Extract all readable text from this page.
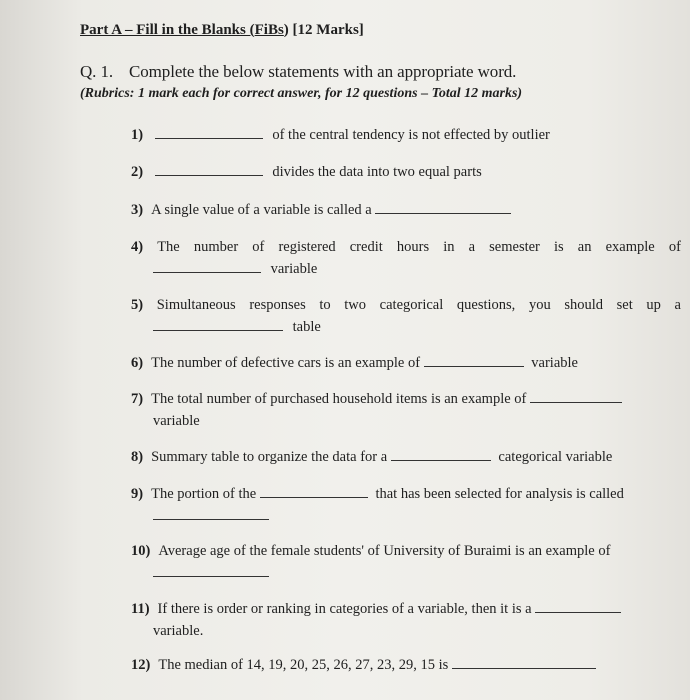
Part A – Fill in the Blanks (FiBs) [12 Marks]
Q. 1. Complete the below statements with an appropriate word.
(Rubrics: 1 mark each for correct answer, for 12 questions – Total 12 marks)
1)	of the central tendency is not effected by outlier
2)	divides the data into two equal parts
3) A single value of a variable is called a
4) The number of registered credit hours in a semester is an example of
variable
5) Simultaneous responses to two categorical questions, you should set up a
table
6) The number of defective cars is an example of	variable
7) The total number of purchased household items is an example of
variable
8) Summary table to organize the data for a	categorical variable
9) The portion of the	that has been selected for analysis is called
10) Average age of the female students' of University of Buraimi is an example of
11) If there is order or ranking in categories of a variable, then it is a
variable.
12) The median of 14, 19, 20, 25, 26, 27, 23, 29, 15 is
